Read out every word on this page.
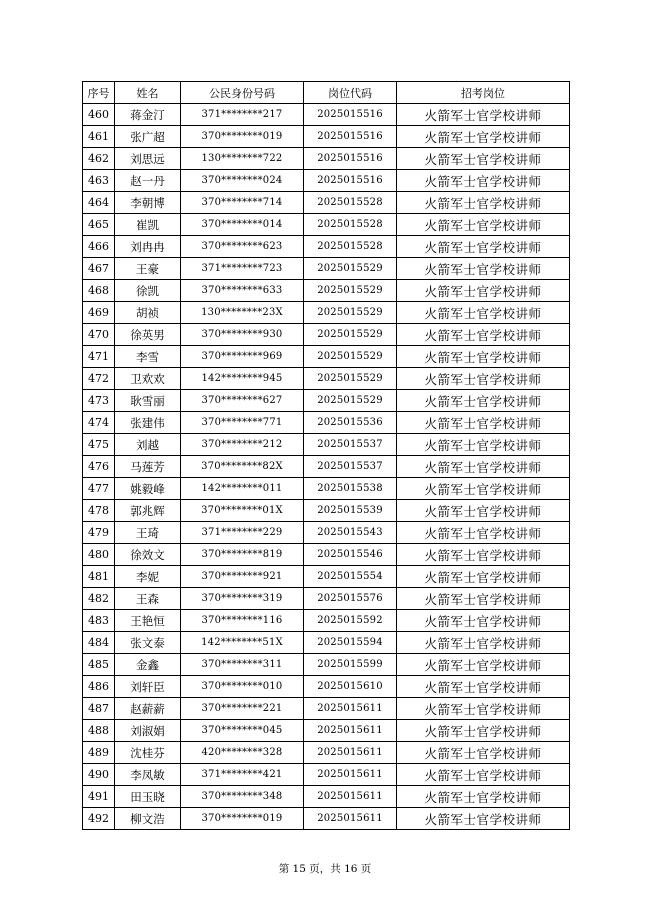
序号	姓名	公民身份号码	岗位代码	招考岗位
460	蒋金汀	371********217	2025015516	火箭军士官学校讲师
461	张广超	370********019	2025015516	火箭军士官学校讲师
462	刘思远	130********722	2025015516	火箭军士官学校讲师
463	赵一丹	370********024	2025015516	火箭军士官学校讲师
464	李朝博	370********714	2025015528	火箭军士官学校讲师
465	崔凯	370********014	2025015528	火箭军士官学校讲师
466	刘冉冉	370********623	2025015528	火箭军士官学校讲师
467	王豪	371********723	2025015529	火箭军士官学校讲师
468	徐凯	370********633	2025015529	火箭军士官学校讲师
469	胡祯	130********23X	2025015529	火箭军士官学校讲师
470	徐英男	370********930	2025015529	火箭军士官学校讲师
471	李雪	370********969	2025015529	火箭军士官学校讲师
472	卫欢欢	142********945	2025015529	火箭军士官学校讲师
473	耿雪丽	370********627	2025015529	火箭军士官学校讲师
474	张建伟	370********771	2025015536	火箭军士官学校讲师
475	刘越	370********212	2025015537	火箭军士官学校讲师
476	马莲芳	370********82X	2025015537	火箭军士官学校讲师
477	姚毅峰	142********011	2025015538	火箭军士官学校讲师
478	郭兆辉	370********01X	2025015539	火箭军士官学校讲师
479	王琦	371********229	2025015543	火箭军士官学校讲师
480	徐效文	370********819	2025015546	火箭军士官学校讲师
481	李妮	370********921	2025015554	火箭军士官学校讲师
482	王森	370********319	2025015576	火箭军士官学校讲师
483	王艳恒	370********116	2025015592	火箭军士官学校讲师
484	张文泰	142********51X	2025015594	火箭军士官学校讲师
485	金鑫	370********311	2025015599	火箭军士官学校讲师
486	刘轩臣	370********010	2025015610	火箭军士官学校讲师
487	赵薪薪	370********221	2025015611	火箭军士官学校讲师
488	刘淑娟	370********045	2025015611	火箭军士官学校讲师
489	沈桂芬	420********328	2025015611	火箭军士官学校讲师
490	李凤敏	371********421	2025015611	火箭军士官学校讲师
491	田玉晓	370********348	2025015611	火箭军士官学校讲师
492	柳文浩	370********019	2025015611	火箭军士官学校讲师
第 15 页，共 16 页
